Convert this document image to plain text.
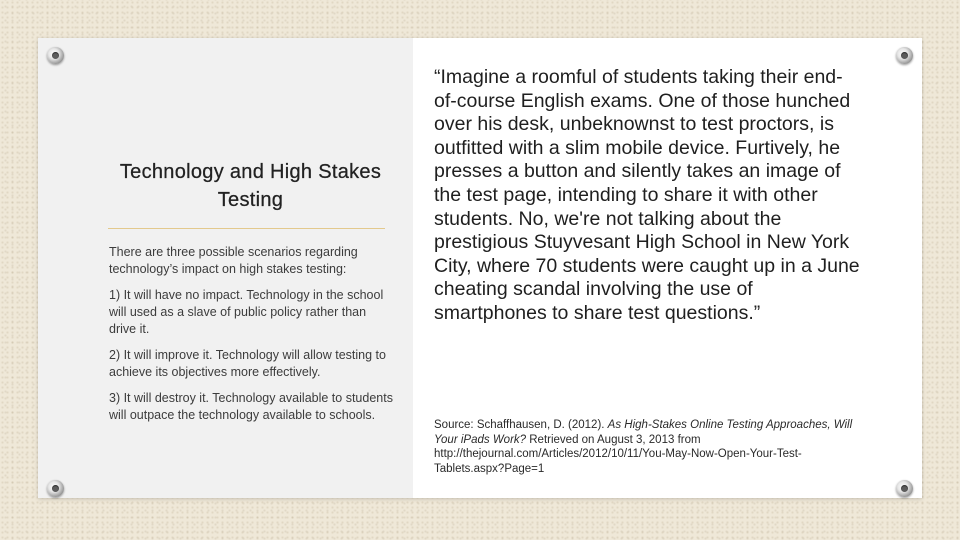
Technology and High Stakes Testing

There are three possible scenarios regarding technology’s impact on high stakes testing:

1) It will have no impact. Technology in the school will used as a slave of public policy rather than drive it.

2) It will improve it. Technology will allow testing to achieve its objectives more effectively.

3) It will destroy it. Technology available to students will outpace the technology available to schools.

“Imagine a roomful of students taking their end-of-course English exams. One of those hunched over his desk, unbeknownst to test proctors, is outfitted with a slim mobile device. Furtively, he presses a button and silently takes an image of the test page, intending to share it with other students. No, we're not talking about the prestigious Stuyvesant High School in New York City, where 70 students were caught up in a June cheating scandal involving the use of smartphones to share test questions.”

Source: Schaffhausen, D. (2012). As High-Stakes Online Testing Approaches, Will Your iPads Work? Retrieved on August 3, 2013 from http://thejournal.com/Articles/2012/10/11/You-May-Now-Open-Your-Test-Tablets.aspx?Page=1
